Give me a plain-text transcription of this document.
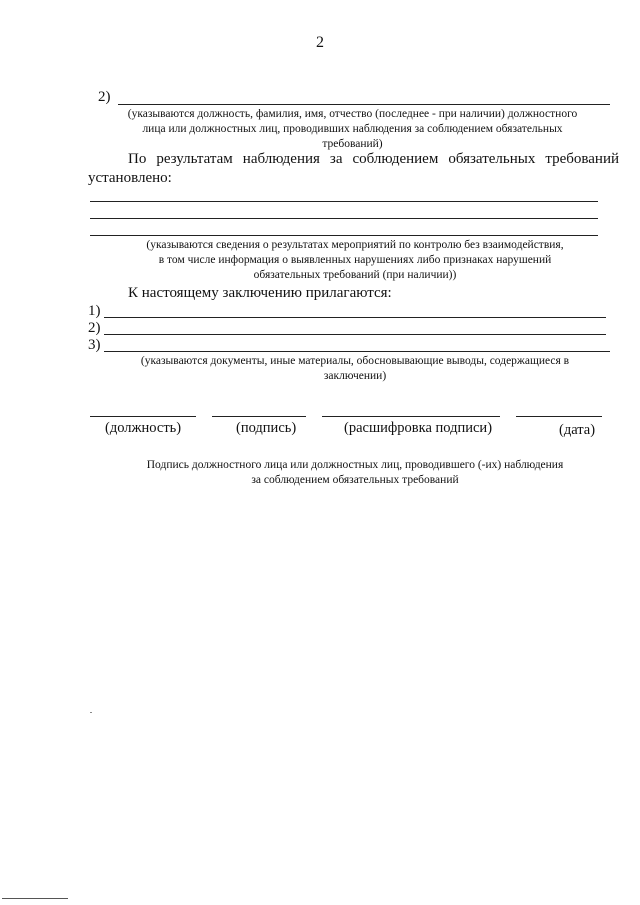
2
2)
(указываются должность, фамилия, имя, отчество (последнее - при наличии) должностного
лица или должностных лиц, проводивших наблюдения за соблюдением обязательных
требований)
По результатам наблюдения за соблюдением обязательных требований
установлено:
(указываются сведения о результатах мероприятий по контролю без взаимодействия,
в том числе информация о выявленных нарушениях либо признаках нарушений
обязательных требований (при наличии))
К настоящему заключению прилагаются:
1)
2)
3)
(указываются документы, иные материалы, обосновывающие выводы, содержащиеся в
заключении)
(должность)	(подпись)	(расшифровка подписи)	(дата)
Подпись должностного лица или должностных лиц, проводившего (-их) наблюдения
за соблюдением обязательных требований
